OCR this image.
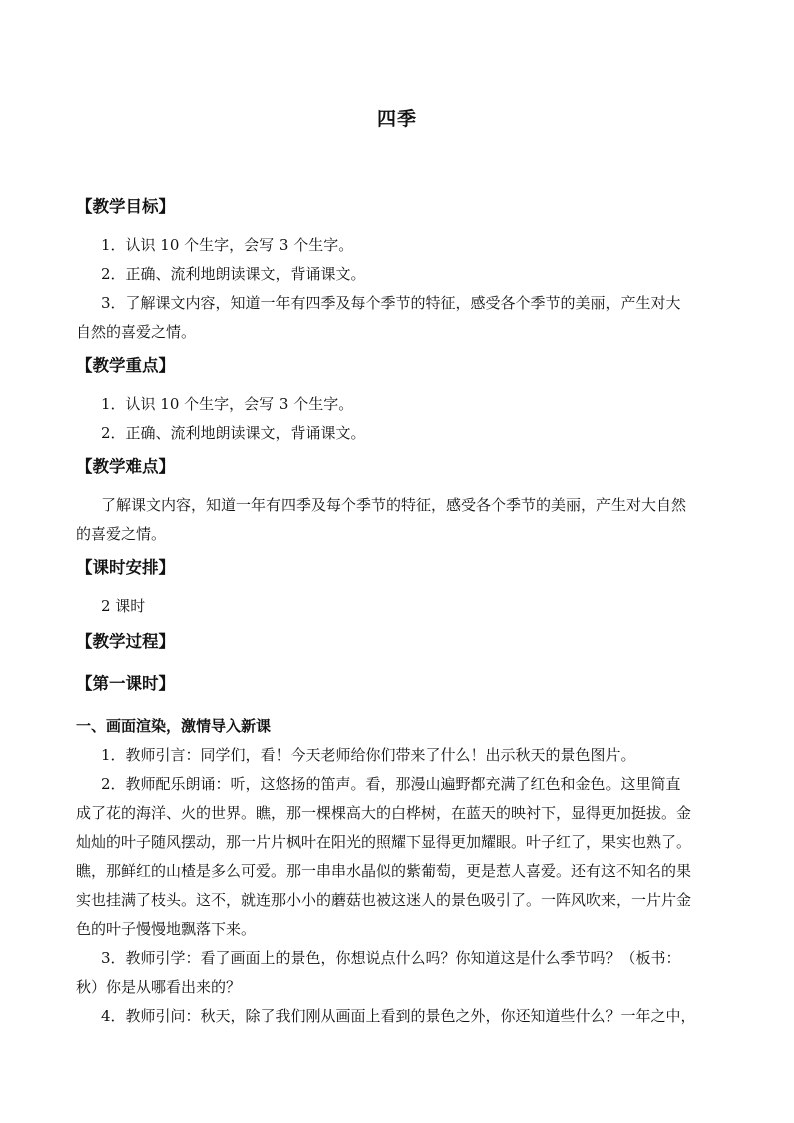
四季
【教学目标】
1．认识 10 个生字，会写 3 个生字。
2．正确、流利地朗读课文，背诵课文。
3．了解课文内容，知道一年有四季及每个季节的特征，感受各个季节的美丽，产生对大
自然的喜爱之情。
【教学重点】
1．认识 10 个生字，会写 3 个生字。
2．正确、流利地朗读课文，背诵课文。
【教学难点】
了解课文内容，知道一年有四季及每个季节的特征，感受各个季节的美丽，产生对大自然
的喜爱之情。
【课时安排】
2 课时
【教学过程】
【第一课时】
一、画面渲染，激情导入新课
1．教师引言：同学们，看！今天老师给你们带来了什么！出示秋天的景色图片。
2．教师配乐朗诵：听，这悠扬的笛声。看，那漫山遍野都充满了红色和金色。这里简直
成了花的海洋、火的世界。瞧，那一棵棵高大的白桦树，在蓝天的映衬下，显得更加挺拔。金
灿灿的叶子随风摆动，那一片片枫叶在阳光的照耀下显得更加耀眼。叶子红了，果实也熟了。
瞧，那鲜红的山楂是多么可爱。那一串串水晶似的紫葡萄，更是惹人喜爱。还有这不知名的果
实也挂满了枝头。这不，就连那小小的蘑菇也被这迷人的景色吸引了。一阵风吹来，一片片金
色的叶子慢慢地飘落下来。
3．教师引学：看了画面上的景色，你想说点什么吗？你知道这是什么季节吗？（板书：
秋）你是从哪看出来的？
4．教师引问：秋天，除了我们刚从画面上看到的景色之外，你还知道些什么？一年之中，
